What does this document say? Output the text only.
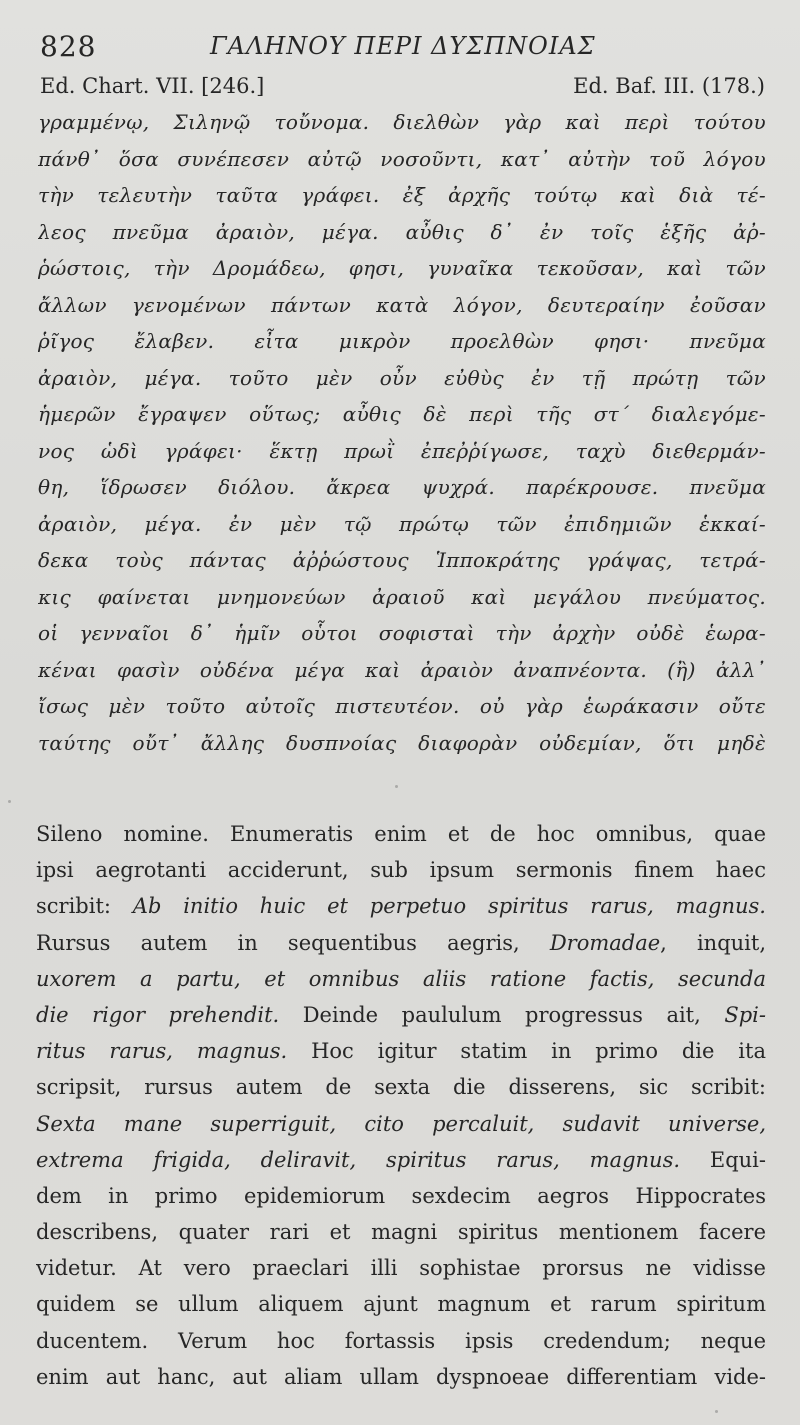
828	ΓΑΛΗΝΟΥ ΠΕΡΙ ΔΥΣΠΝΟΙΑΣ
Ed. Chart. VII. [246.]	Ed. Baf. III. (178.)
γραμμένῳ, Σιληνῷ τοὔνομα. διελθὼν γὰρ καὶ περὶ τούτου
πάνθ᾽ ὅσα συνέπεσεν αὐτῷ νοσοῦντι, κατ᾽ αὐτὴν τοῦ λόγου
τὴν τελευτὴν ταῦτα γράφει. ἐξ ἀρχῆς τούτῳ καὶ διὰ τέ-
λεος πνεῦμα ἀραιὸν, μέγα. αὖθις δ᾽ ἐν τοῖς ἑξῆς ἀῤ-
ῥώστοις, τὴν Δρομάδεω, φησι, γυναῖκα τεκοῦσαν, καὶ τῶν
ἄλλων γενομένων πάντων κατὰ λόγον, δευτεραίην ἐοῦσαν
ῥῖγος ἔλαβεν. εἶτα μικρὸν προελθὼν φησι· πνεῦμα
ἀραιὸν, μέγα. τοῦτο μὲν οὖν εὐθὺς ἐν τῇ πρώτῃ τῶν
ἡμερῶν ἔγραψεν οὕτως; αὖθις δὲ περὶ τῆς στ´ διαλεγόμε-
νος ὡδὶ γράφει· ἕκτῃ πρωῒ ἐπεῤῥίγωσε, ταχὺ διεθερμάν-
θη, ἵδρωσεν διόλου. ἄκρεα ψυχρά. παρέκρουσε. πνεῦμα
ἀραιὸν, μέγα. ἐν μὲν τῷ πρώτῳ τῶν ἐπιδημιῶν ἑκκαί-
δεκα τοὺς πάντας ἀῤῥώστους Ἱπποκράτης γράψας, τετρά-
κις φαίνεται μνημονεύων ἀραιοῦ καὶ μεγάλου πνεύματος.
οἱ γενναῖοι δ᾽ ἡμῖν οὗτοι σοφισταὶ τὴν ἀρχὴν οὐδὲ ἑωρα-
κέναι φασὶν οὐδένα μέγα καὶ ἀραιὸν ἀναπνέοντα. (ἢ) ἀλλ᾽
ἴσως μὲν τοῦτο αὐτοῖς πιστευτέον. οὐ γὰρ ἑωράκασιν οὔτε
ταύτης οὔτ᾽ ἄλλης δυσπνοίας διαφορὰν οὐδεμίαν, ὅτι μηδὲ
Sileno nomine. Enumeratis enim et de hoc omnibus, quae
ipsi aegrotanti acciderunt, sub ipsum sermonis finem haec
scribit: Ab initio huic et perpetuo spiritus rarus, magnus.
Rursus autem in sequentibus aegris, Dromadae, inquit,
uxorem a partu, et omnibus aliis ratione factis, secunda
die rigor prehendit. Deinde paululum progressus ait, Spi-
ritus rarus, magnus. Hoc igitur statim in primo die ita
scripsit, rursus autem de sexta die disserens, sic scribit:
Sexta mane superriguit, cito percaluit, sudavit universe,
extrema frigida, deliravit, spiritus rarus, magnus. Equi-
dem in primo epidemiorum sexdecim aegros Hippocrates
describens, quater rari et magni spiritus mentionem facere
videtur. At vero praeclari illi sophistae prorsus ne vidisse
quidem se ullum aliquem ajunt magnum et rarum spiritum
ducentem. Verum hoc fortassis ipsis credendum; neque
enim aut hanc, aut aliam ullam dyspnoeae differentiam vide-
